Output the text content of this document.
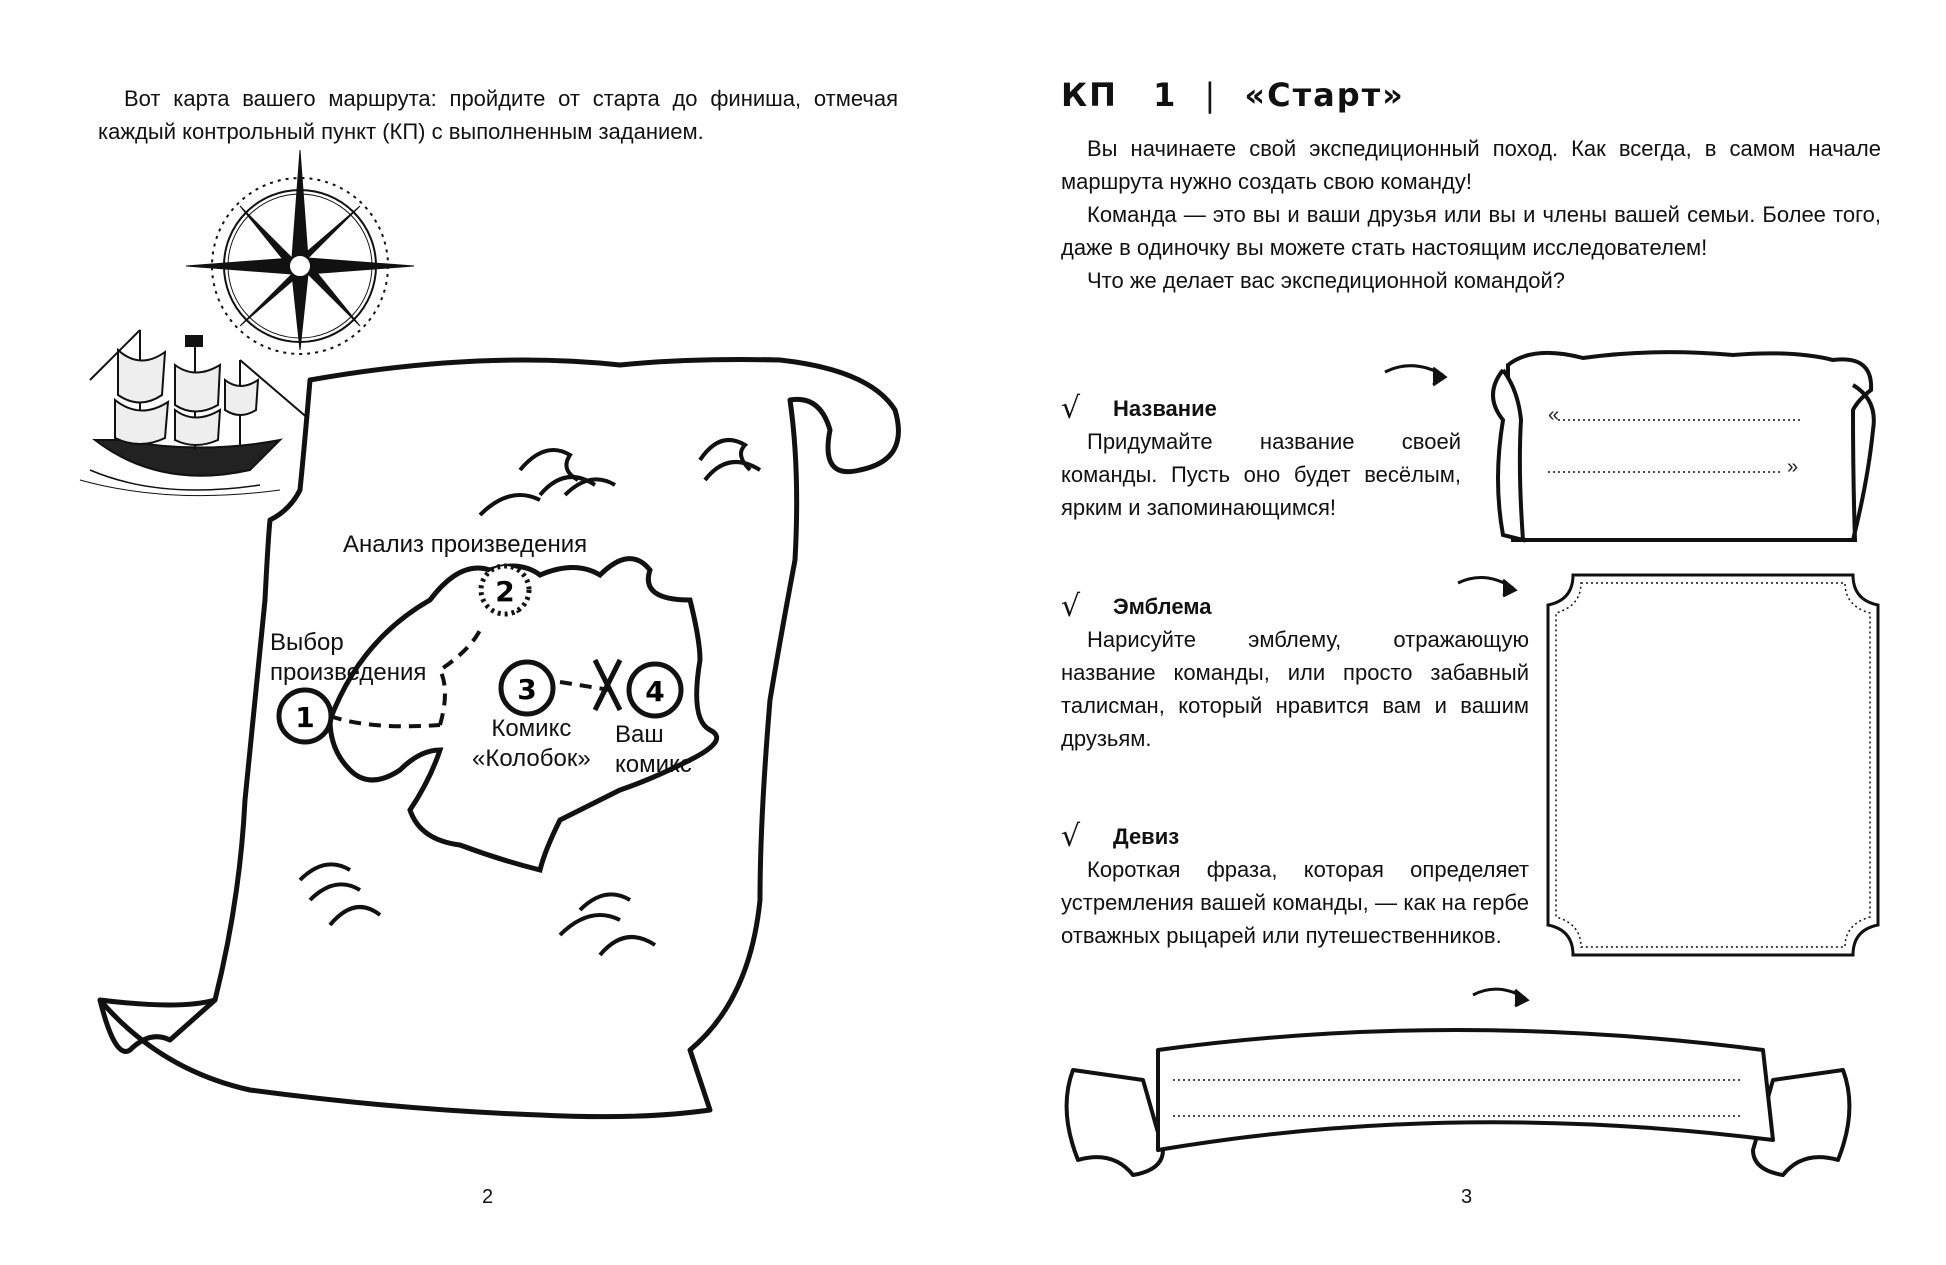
Вот карта вашего маршрута: пройдите от старта до финиша, отмечая каждый контрольный пункт (КП) с выполненным заданием.

1
2
3	4
Анализ произведения
Выбор
произведения
Комикс
«Колобок»
Ваш
комикс
2
КП 1 | «Старт»

Вы начинаете свой экспедиционный поход. Как всегда, в самом начале маршрута нужно создать свою команду!

Команда — это вы и ваши друзья или вы и члены вашей семьи. Более того, даже в одиночку вы можете стать настоящим исследователем!

Что же делает вас экспедиционной командой?

√	Название

Придумайте название своей команды. Пусть оно будет весёлым, ярким и запоминающимся!

√	Эмблема

Нарисуйте эмблему, отражающую название команды, или просто забавный талисман, который нравится вам и вашим друзьям.

√	Девиз

Короткая фраза, которая определяет устремления вашей команды, — как на гербе отважных рыцарей или путешественников.

«
»
3
